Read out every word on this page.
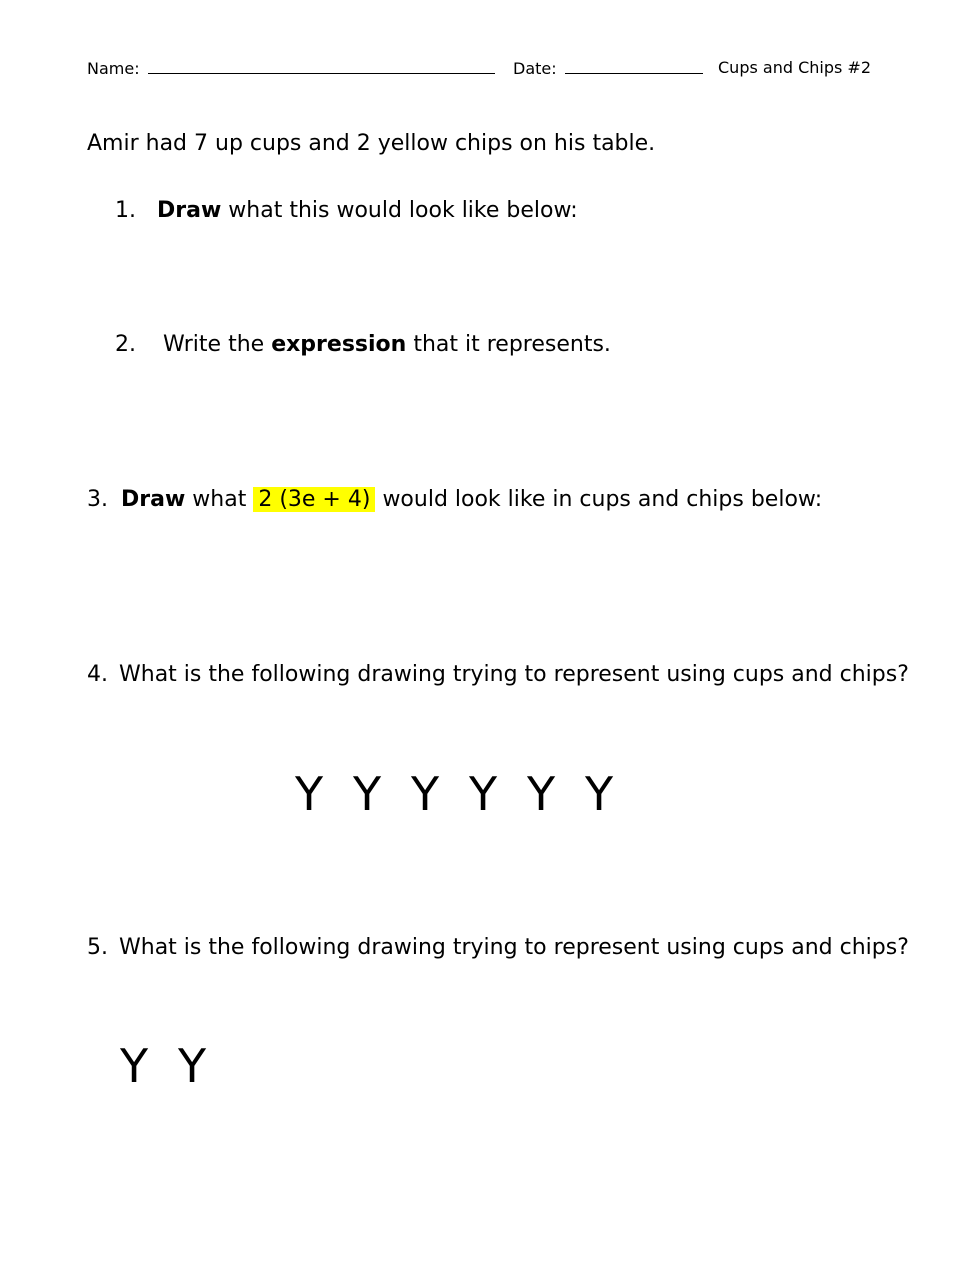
Name:	Date:	Cups and Chips #2
Amir had 7 up cups and 2 yellow chips on his table.
1. Draw what this would look like below:
2. Write the expression that it represents.
3. Draw what 2 (3e + 4) would look like in cups and chips below:
4. What is the following drawing trying to represent using cups and chips?
Y Y Y Y Y Y
5. What is the following drawing trying to represent using cups and chips?
Y Y
